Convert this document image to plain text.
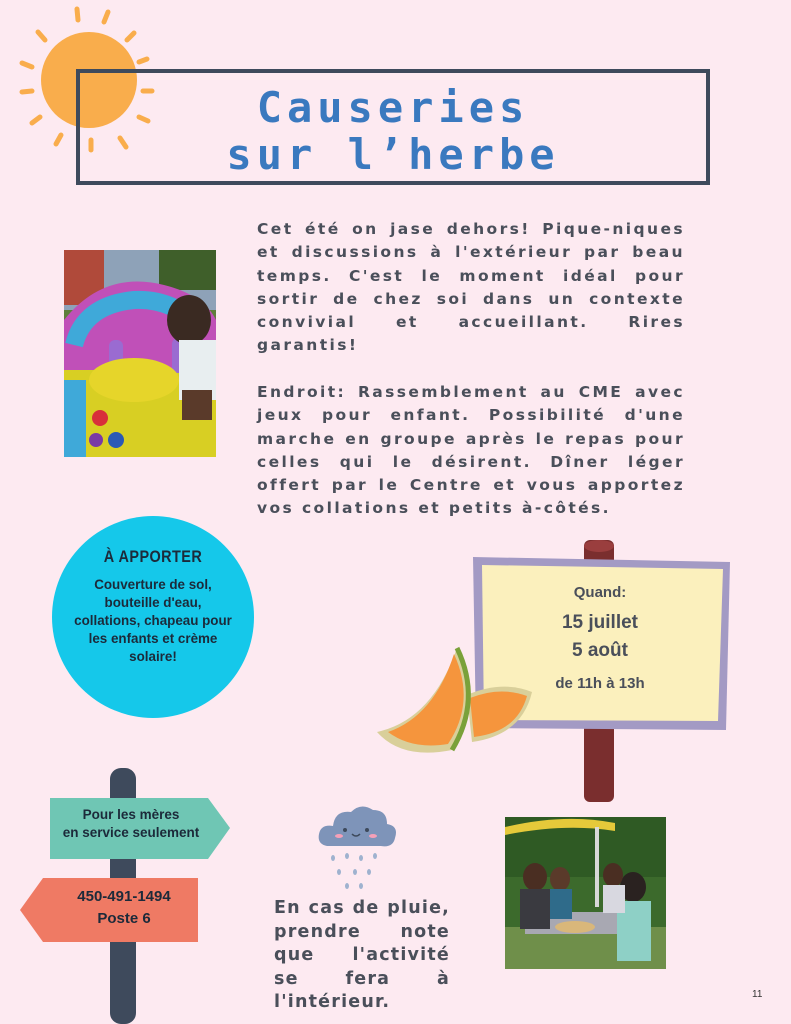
Causeries
sur l’herbe
Cet été on jase dehors! Pique-niques et discussions à l'extérieur par beau temps. C'est le moment idéal pour sortir de chez soi dans un contexte convivial et accueillant. Rires garantis!
Endroit: Rassemblement au CME avec jeux pour enfant. Possibilité d'une marche en groupe après le repas pour celles qui le désirent. Dîner léger offert par le Centre et vous apportez vos collations et petits à-côtés.
À APPORTER
Couverture de sol, bouteille d'eau, collations, chapeau pour les enfants et crème solaire!
Quand:
15 juillet
5 août
de 11h à 13h
Pour les mères
en service seulement
450-491-1494
Poste 6
En cas de pluie, prendre note que l'activité se fera à l'intérieur.	11
